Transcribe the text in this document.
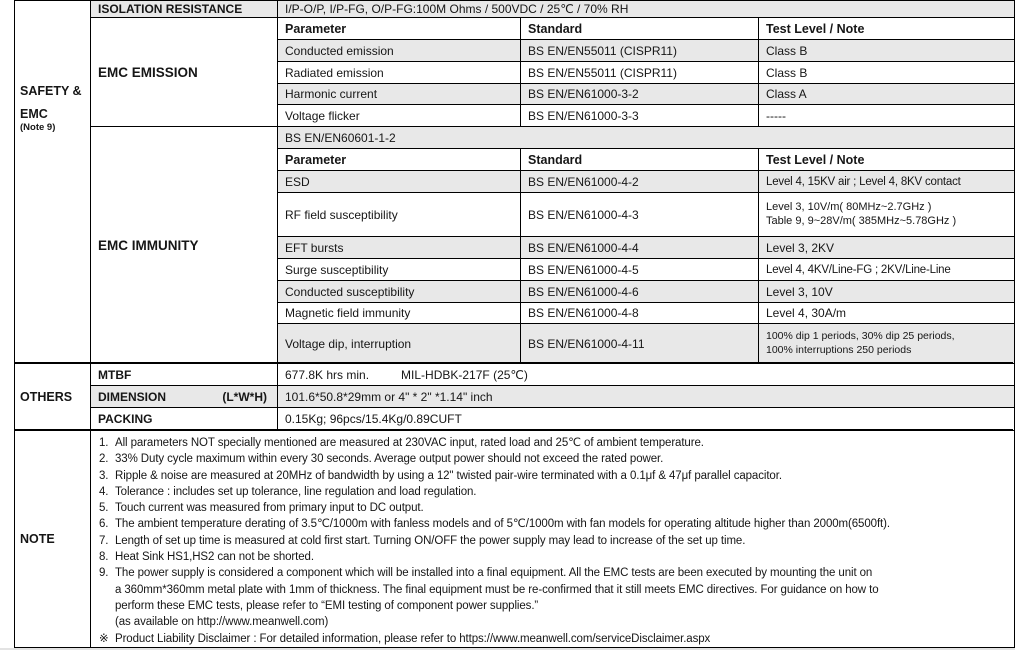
SAFETY &
EMC
(Note 9)
OTHERS
NOTE
ISOLATION RESISTANCE	I/P-O/P, I/P-FG, O/P-FG:100M Ohms / 500VDC / 25℃ / 70% RH
EMC EMISSION
Parameter	Standard	Test Level / Note
Conducted emission	BS EN/EN55011 (CISPR11)	Class B
Radiated emission	BS EN/EN55011 (CISPR11)	Class B
Harmonic current	BS EN/EN61000-3-2	Class A
Voltage flicker	BS EN/EN61000-3-3	-----
EMC IMMUNITY
BS EN/EN60601-1-2
Parameter	Standard	Test Level / Note
ESD	BS EN/EN61000-4-2	Level 4, 15KV air ; Level 4, 8KV contact
RF field susceptibility	BS EN/EN61000-4-3
Level 3, 10V/m( 80MHz~2.7GHz )
Table 9, 9~28V/m( 385MHz~5.78GHz )
EFT bursts	BS EN/EN61000-4-4	Level 3, 2KV
Surge susceptibility	BS EN/EN61000-4-5	Level 4, 4KV/Line-FG ; 2KV/Line-Line
Conducted susceptibility	BS EN/EN61000-4-6	Level 3, 10V
Magnetic field immunity	BS EN/EN61000-4-8	Level 4, 30A/m
Voltage dip, interruption	BS EN/EN61000-4-11
100% dip 1 periods, 30% dip 25 periods,
100% interruptions 250 periods
MTBF	677.8K hrs min.	MIL-HDBK-217F (25℃)
DIMENSION	(L*W*H) 101.6*50.8*29mm or 4" * 2" *1.14" inch
PACKING	0.15Kg; 96pcs/15.4Kg/0.89CUFT
1. All parameters NOT specially mentioned are measured at 230VAC input, rated load and 25℃ of ambient temperature.
2. 33% Duty cycle maximum within every 30 seconds. Average output power should not exceed the rated power.
3. Ripple & noise are measured at 20MHz of bandwidth by using a 12" twisted pair-wire terminated with a 0.1μf & 47μf parallel capacitor.
4. Tolerance : includes set up tolerance, line regulation and load regulation.
5. Touch current was measured from primary input to DC output.
6. The ambient temperature derating of 3.5℃/1000m with fanless models and of 5℃/1000m with fan models for operating altitude higher than 2000m(6500ft).
7. Length of set up time is measured at cold first start. Turning ON/OFF the power supply may lead to increase of the set up time.
8. Heat Sink HS1,HS2 can not be shorted.
9. The power supply is considered a component which will be installed into a final equipment. All the EMC tests are been executed by mounting the unit on
a 360mm*360mm metal plate with 1mm of thickness. The final equipment must be re-confirmed that it still meets EMC directives. For guidance on how to
perform these EMC tests, please refer to “EMI testing of component power supplies.”
(as available on http://www.meanwell.com)
※ Product Liability Disclaimer : For detailed information, please refer to https://www.meanwell.com/serviceDisclaimer.aspx
